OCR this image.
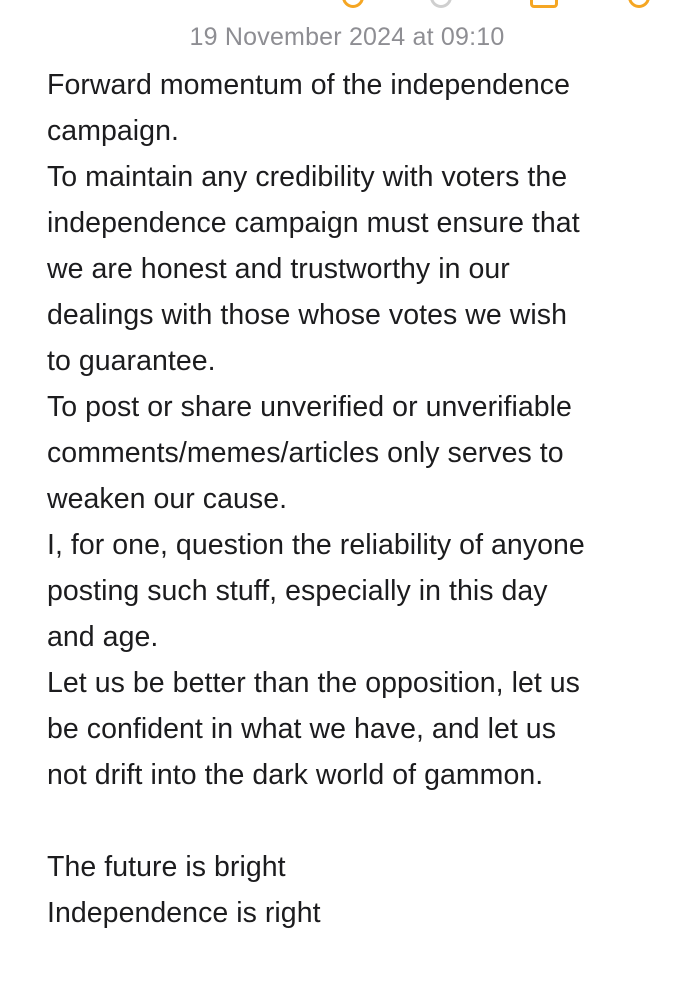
19 November 2024 at 09:10

Forward momentum of the independence
campaign.

To maintain any credibility with voters the
independence campaign must ensure that
we are honest and trustworthy in our
dealings with those whose votes we wish
to guarantee.

To post or share unverified or unverifiable
comments/memes/articles only serves to
weaken our cause.

I, for one, question the reliability of anyone
posting such stuff, especially in this day
and age.

Let us be better than the opposition, let us
be confident in what we have, and let us
not drift into the dark world of gammon.

The future is bright

Independence is right
